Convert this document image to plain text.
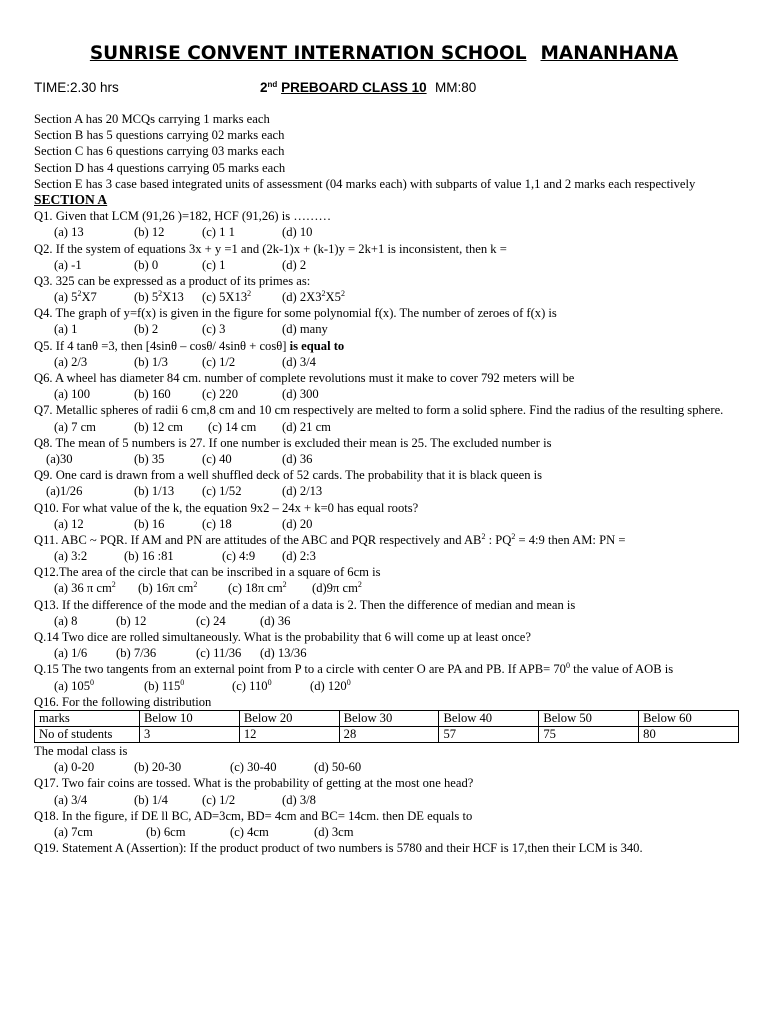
SUNRISE CONVENT INTERNATION SCHOOL MANANHANA
TIME:2.30 hrs	2nd PREBOARD CLASS 10 MM:80
Section A has 20 MCQs carrying 1 marks each
Section B has 5 questions carrying 02 marks each
Section C has 6 questions carrying 03 marks each
Section D has 4 questions carrying 05 marks each
Section E has 3 case based integrated units of assessment (04 marks each) with subparts of value 1,1 and 2 marks each respectively
SECTION A
Q1. Given that LCM (91,26 )=182, HCF (91,26) is ………
(a) 13	(b) 12	(c) 1 1	(d) 10
Q2. If the system of equations 3x + y =1 and (2k-1)x + (k-1)y = 2k+1 is inconsistent, then k =
(a) -1	(b) 0	(c) 1	(d) 2
Q3. 325 can be expressed as a product of its primes as:
(a) $5^2X7$	(b) $5^2X13$ (c) $5X13^2$ (d) $2X3^2X5^2$
Q4. The graph of y=f(x) is given in the figure for some polynomial f(x). The number of zeroes of f(x) is
(a) 1	(b) 2	(c) 3	(d) many
Q5. If 4 tanθ =3, then [4sinθ – cosθ/ 4sinθ + cosθ] is equal to
(a) 2/3	(b) 1/3	(c) 1/2	(d) 3/4
Q6. A wheel has diameter 84 cm. number of complete revolutions must it make to cover 792 meters will be
(a) 100	(b) 160 (c) 220	(d) 300
Q7. Metallic spheres of radii 6 cm,8 cm and 10 cm respectively are melted to form a solid sphere. Find the radius of the resulting sphere.
(a) 7 cm	(b) 12 cm (c) 14 cm (d) 21 cm
Q8. The mean of 5 numbers is 27. If one number is excluded their mean is 25. The excluded number is
(a)30	(b) 35	(c) 40	(d) 36
Q9. One card is drawn from a well shuffled deck of 52 cards. The probability that it is black queen is
(a)1/26	(b) 1/13 (c) 1/52	(d) 2/13
Q10. For what value of the k, the equation 9x2 – 24x + k=0 has equal roots?
(a) 12	(b) 16	(c) 18	(d) 20
Q11. ABC ~ PQR. If AM and PN are attitudes of the ABC and PQR respectively and $AB^2$ : $PQ^2$ = 4:9 then AM: PN =
(a) 3:2	(b) 16 :81	(c) 4:9 (d) 2:3
Q12.The area of the circle that can be inscribed in a square of 6cm is
(a) 36 π $cm^2$ (b) 16π $cm^2$ (c) 18π $cm^2$ (d)9π $cm^2$
Q13. If the difference of the mode and the median of a data is 2. Then the difference of median and mean is
(a) 8	(b) 12	(c) 24	(d) 36
Q.14 Two dice are rolled simultaneously. What is the probability that 6 will come up at least once?
(a) 1/6 (b) 7/36	(c) 11/36 (d) 13/36
Q.15 The two tangents from an external point from P to a circle with center O are PA and PB. If $APB= 70^0$ the value of AOB is
(a) $105^0$	(b) $115^0$	(c) $110^0$	(d) $120^0$
Q16. For the following distribution
marks	Below 10	Below 20	Below 30	Below 40	Below 50	Below 60
No of students	3	12	28	57	75	80
The modal class is
(a) 0-20	(b) 20-30	(c) 30-40	(d) 50-60
Q17. Two fair coins are tossed. What is the probability of getting at the most one head?
(a) 3/4	(b) 1/4	(c) 1/2	(d) 3/8
Q18. In the figure, if DE ll BC, AD=3cm, BD= 4cm and BC= 14cm. then DE equals to
(a) 7cm	(b) 6cm	(c) 4cm	(d) 3cm
Q19. Statement A (Assertion): If the product product of two numbers is 5780 and their HCF is 17,then their LCM is 340.
